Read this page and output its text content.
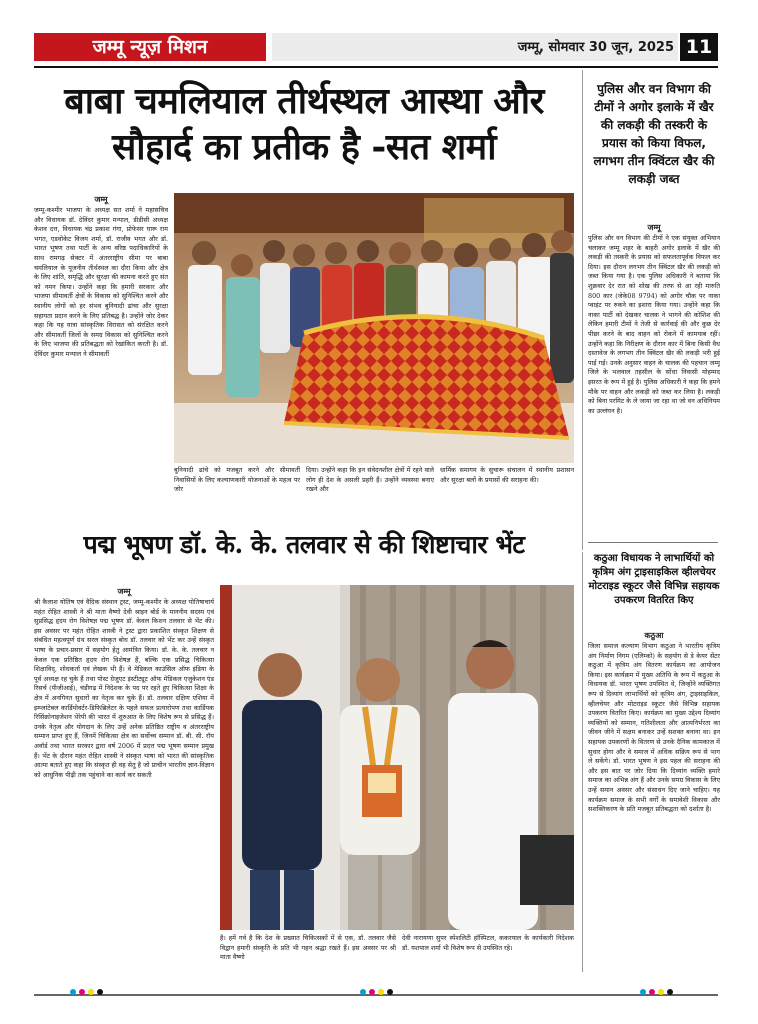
जम्मू न्यूज़ मिशन	जम्मू, सोमवार 30 जून, 2025 11
बाबा चमलियाल तीर्थस्थल आस्था और
सौहार्द का प्रतीक है -सत शर्मा
पुलिस और वन विभाग की टीमों ने अगोर इलाके में खैर की लकड़ी की तस्करी के प्रयास को किया विफल, लगभग तीन क्विंटल खैर की लकड़ी जब्त
जम्मू
पुलिस और वन विभाग की टीमों ने एक संयुक्त अभियान चलाकर जम्मू शहर के बाहरी अगोर इलाके में खैर की लकड़ी की तस्करी के प्रयास को सफलतापूर्वक विफल कर दिया। इस दौरान लगभग तीन क्विंटल खैर की लकड़ी को जब्त किया गया है। एक पुलिस अधिकारी ने बताया कि शुक्रवार देर रात को शोख की तरफ से आ रही मारुति 800 कार (जेके08 9794) को अगोर चौक पर नाका प्वाइंट पर रुकने का इशारा किया गया। उन्होंने कहा कि नाका पार्टी को देखकर चालक ने भागने की कोशिश की लेकिन हमारी टीमों ने तेजी से कार्रवाई की और कुछ देर पीछा करने के बाद वाहन को रोकने में कामयाब रहीं। उन्होंने कहा कि निरीक्षण के दौरान कार में बिना किसी वैध दस्तावेज के लगभग तीन क्विंटल खैर की लकड़ी भरी हुई पाई गई। उनके अनुसार वाहन के चालक की पहचान जम्मू जिले के भलवाल तहसील के सोंधा निवासी मोहम्मद इसरत के रूप में हुई है। पुलिस अधिकारी ने कहा कि हमने मौके पर वाहन और लकड़ी को जब्त कर लिया है। लकड़ी को बिना परमिट के ले जाया जा रहा था जो वन अधिनियम का उल्लंघन है।
जम्मू
जम्मू-कश्मीर भाजपा के अध्यक्ष सत शर्मा ने महासचिव और विधायक डॉ. देविंदर कुमार मन्याल, डीडीसी अध्यक्ष केशव दत्त, विधायक चंद्र प्रकाश गंगा, प्रोफेसर घारू राम भगत, एडवोकेट विजय शर्मा, डॉ. राजीव भगत और डॉ. भारत भूषण तथा पार्टी के अन्य वरिष्ठ पदाधिकारियों के साथ रामगढ़ सेक्टर में अंतरराष्ट्रीय सीमा पर बाबा चमलियाल के पूजनीय तीर्थस्थल का दौरा किया और क्षेत्र के लिए शांति, समृद्धि और सुरक्षा की कामना करते हुए संत को नमन किया। उन्होंने कहा कि हमारी सरकार और भाजपा सीमावर्ती क्षेत्रों के विकास को सुनिश्चित करने और स्थानीय लोगों को हर संभव बुनियादी ढांचा और सुरक्षा सहायता प्रदान करने के लिए प्रतिबद्ध है। उन्होंने जोर देकर कहा कि यह यात्रा सांस्कृतिक विरासत को संरक्षित करने और सीमावर्ती जिलों के समग्र विकास को सुनिश्चित करने के लिए भाजपा की प्रतिबद्धता को रेखांकित करती है। डॉ. देविंदर कुमार मन्याल ने सीमावर्ती
बुनियादी ढांचे को मजबूत करने और सीमावर्ती निवासियों के लिए कल्याणकारी योजनाओं के महत्व पर जोर
दिया। उन्होंने कहा कि इन संवेदनशील क्षेत्रों में रहने वाले लोग ही देश के असली प्रहरी हैं। उन्होंने व्यवस्था बनाए रखने और
धार्मिक समागम के सुचारू संचालन में स्थानीय प्रशासन और सुरक्षा बलों के प्रयासों की सराहना की।
पद्म भूषण डॉ. के. के. तलवार से की शिष्टाचार भेंट	कठुआ विधायक ने लाभार्थियों को कृत्रिम अंग ट्राइसाइकिल व्हीलचेयर मोटराइड स्कूटर जैसे विभिन्न सहायक उपकरण वितरित किए
कठुआ
जिला समाज कल्याण विभाग कठुआ ने भारतीय कृत्रिम अंग निर्माण निगम (एलिम्को) के सहयोग से डे केयर सेंटर कठुआ में कृत्रिम अंग वितरण कार्यक्रम का आयोजन किया। इस कार्यक्रम में मुख्य अतिथि के रूप में कठुआ के विधायक डॉ. भारत भूषण उपस्थित थे, जिन्होंने व्यक्तिगत रूप से दिव्यांग लाभार्थियों को कृत्रिम अंग, ट्राइसाइकिल, व्हीलचेयर और मोटराइड स्कूटर जैसे विभिन्न सहायक उपकरण वितरित किए। कार्यक्रम का मुख्य उद्देश्य दिव्यांग व्यक्तियों को सम्मान, गतिशीलता और आत्मनिर्भरता का जीवन जीने में सक्षम बनाकर उन्हें सशक्त बनाना था। इन सहायक उपकरणों के वितरण से उनके दैनिक कामकाज में सुधार होगा और वे समाज में अधिक सक्रिय रूप से भाग ले सकेंगे। डॉ. भारत भूषण ने इस पहल की सराहना की और इस बात पर जोर दिया कि दिव्यांग व्यक्ति हमारे समाज का अभिन्न अंग हैं और उनके समग्र विकास के लिए उन्हें समान अवसर और संसाधन दिए जाने चाहिए। यह कार्यक्रम समाज के सभी वर्गों के समावेशी विकास और सशक्तिकरण के प्रति मजबूत प्रतिबद्धता को दर्शाता है।
जम्मू
श्री कैलाश योतिष एवं वैदिक संस्थान ट्रस्ट, जम्मू-कश्मीर के अध्यक्ष योतिषाचार्य महंत रोहित शास्त्री ने श्री माता वैष्णो देवी श्राइन बोर्ड के माननीय सदस्य एवं सुप्रसिद्ध हृदय रोग विशेषज्ञ पद्म भूषण डॉ. केवल किशन तलवार से भेंट की। इस अवसर पर महंत रोहित शास्त्री ने ट्रस्ट द्वारा प्रकाशित संस्कृत शिक्षण से संबंधित महत्वपूर्ण ग्रंथ सरल संस्कृत बोध डॉ. तलवार को भेंट कर उन्हें संस्कृत भाषा के प्रचार-प्रसार में सहयोग हेतु आमंत्रित किया। डॉ. के. के. तलवार न केवल एक प्रतिष्ठित हृदय रोग विशेषज्ञ हैं, बल्कि एक प्रसिद्ध चिकित्सा शिक्षाविद्, शोधकर्ता एवं लेखक भी हैं। वे मेडिकल काउंसिल ऑफ इंडिया के पूर्व अध्यक्ष रह चुके हैं तथा पोस्ट ग्रेजुएट इंस्टीट्यूट ऑफ मेडिकल एजुकेशन एंड रिसर्च (पीजीआई), चंडीगढ़ में निदेशक के पद पर रहते हुए चिकित्सा शिक्षा के क्षेत्र में अनगिनत सुधारों का नेतृत्व कर चुके हैं। डॉ. तलवार दक्षिण एशिया में इम्प्लांटेबल कार्डियोवर्टर-डिफिब्रिलेटर के पहले सफल प्रत्यारोपण तथा कार्डियक रिसिंक्रोनाइजेशन थेरेपी की भारत में शुरुआत के लिए विशेष रूप से प्रसिद्ध हैं। उनके नेतृत्व और योगदान के लिए उन्हें अनेक प्रतिष्ठित राष्ट्रीय व अंतरराष्ट्रीय सम्मान प्राप्त हुए हैं, जिनमें चिकित्सा क्षेत्र का सर्वोच्च सम्मान डॉ. बी. सी. रॉय अवॉर्ड तथा भारत सरकार द्वारा वर्ष 2006 में प्रदत्त पद्म भूषण सम्मान प्रमुख हैं। भेंट के दौरान महंत रोहित शास्त्री ने संस्कृत भाषा को भारत की सांस्कृतिक आत्मा बताते हुए कहा कि संस्कृत ही वह सेतु है जो प्राचीन भारतीय ज्ञान-विज्ञान को आधुनिक पीढ़ी तक पहुंचाने का कार्य कर सकती
है। हमें गर्व है कि देश के प्रख्यात चिकित्सकों में से एक, डॉ. तलवार जैसे विद्वान हमारी संस्कृति के प्रति भी गहन श्रद्धा रखते हैं। इस अवसर पर श्री माता वैष्णो
देवी नारायणा सुपर स्पेशलिटी हॉस्पिटल, ककरयाल के कार्यकारी निदेशक डॉ. यशपाल शर्मा भी विशेष रूप से उपस्थित रहे।
